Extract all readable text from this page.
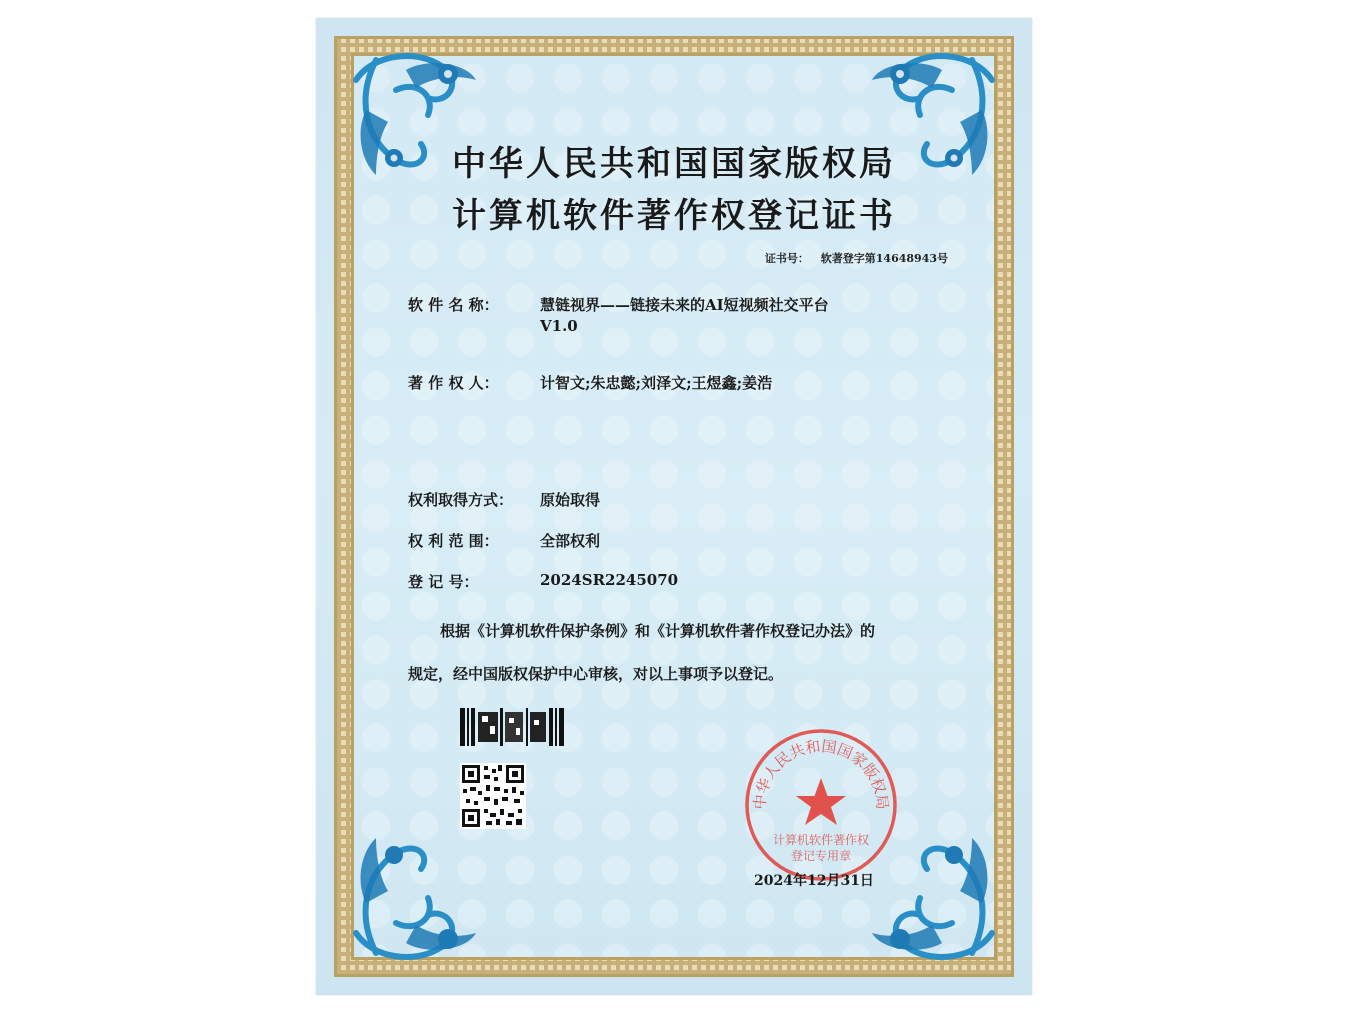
中华人民共和国国家版权局
计算机软件著作权登记证书
证书号： 软著登字第14648943号
软 件 名 称：	慧链视界——链接未来的AI短视频社交平台
V1.0
著 作 权 人：	计智文;朱忠懿;刘泽文;王煜鑫;姜浩
权利取得方式： 原始取得
权 利 范 围：	全部权利
登 记 号：	2024SR2245070
根据《计算机软件保护条例》和《计算机软件著作权登记办法》的
规定，经中国版权保护中心审核，对以上事项予以登记。
中华人民共和国国家版权局
计算机软件著作权
登记专用章
2024年12月31日
